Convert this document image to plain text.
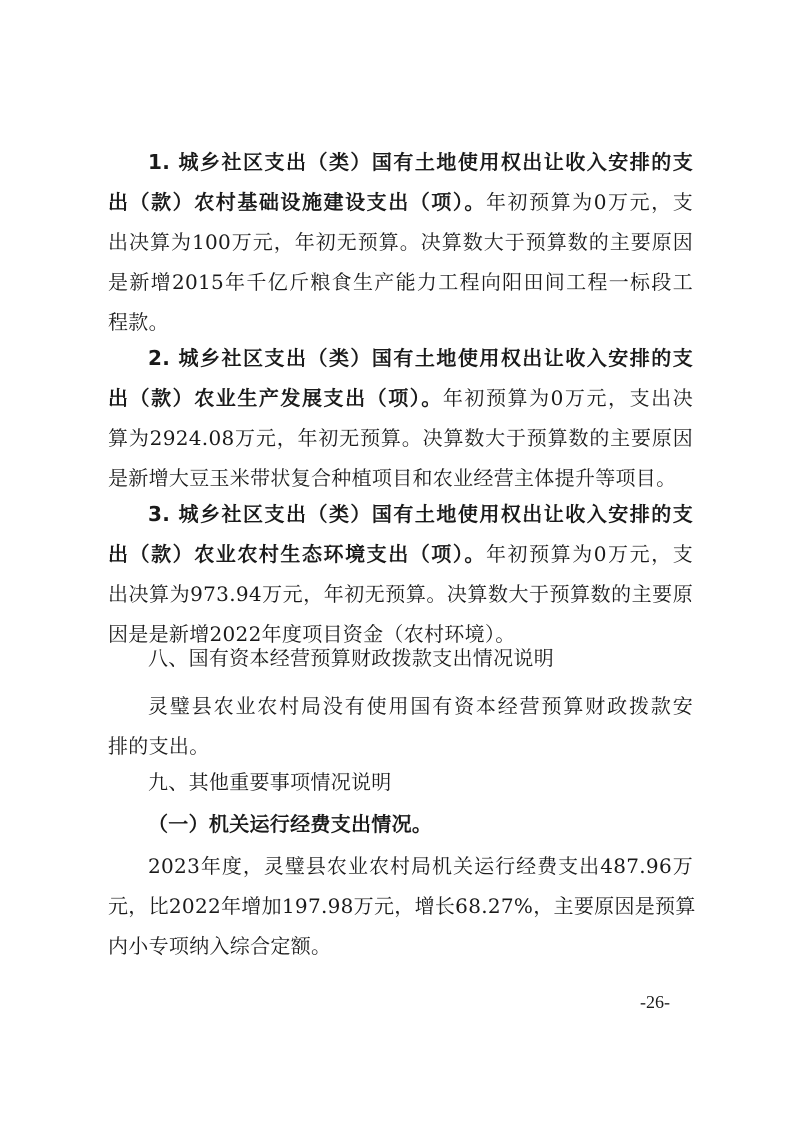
1. 城乡社区支出（类）国有土地使用权出让收入安排的支
出（款）农村基础设施建设支出（项）。年初预算为0万元，支
出决算为100万元，年初无预算。决算数大于预算数的主要原因
是新增2015年千亿斤粮食生产能力工程向阳田间工程一标段工
程款。
2. 城乡社区支出（类）国有土地使用权出让收入安排的支
出（款）农业生产发展支出（项）。年初预算为0万元，支出决
算为2924.08万元，年初无预算。决算数大于预算数的主要原因
是新增大豆玉米带状复合种植项目和农业经营主体提升等项目。
3. 城乡社区支出（类）国有土地使用权出让收入安排的支
出（款）农业农村生态环境支出（项）。年初预算为0万元，支
出决算为973.94万元，年初无预算。决算数大于预算数的主要原
因是是新增2022年度项目资金（农村环境）。
八、国有资本经营预算财政拨款支出情况说明
灵璧县农业农村局没有使用国有资本经营预算财政拨款安
排的支出。
九、其他重要事项情况说明
（一）机关运行经费支出情况。
2023年度，灵璧县农业农村局机关运行经费支出487.96万
元，比2022年增加197.98万元，增长68.27%，主要原因是预算
内小专项纳入综合定额。
-26-
